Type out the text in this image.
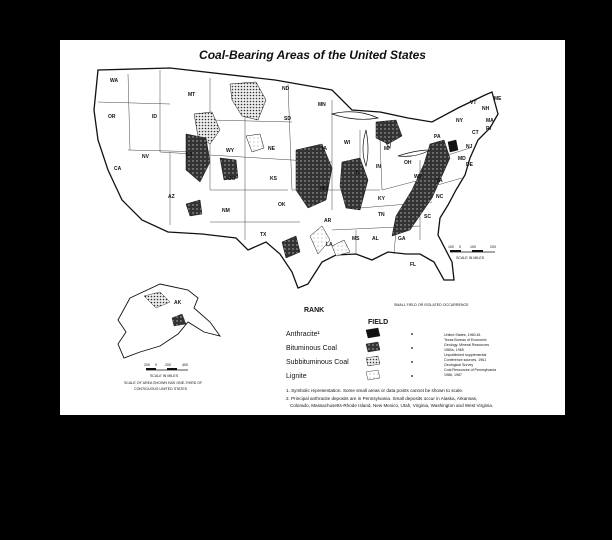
Coal-Bearing Areas of the United States
WA
ID
MT
ND
SD
MN
WI
MI
NE
WY
OR
CA
NV	UT
CO	KS
OK
TX
NM
AZ
MO
IA
IL
IN
OH
PA
NY
KY
TN
AR
MS	AL	GA
SC
NC
VA
WV
FL
LA
MD
DE
NJ
CT
VT
NH
ME
RI
MA
100 0	100	200
SCALE IN MILES
AK
200 0 200	400
SCALE IN MILES
SCALE OF AREA SHOWN HAS ONE-THIRD OF
CONTIGUOUS UNITED STATES
RANK
FIELD
SMALL FIELD OR ISOLATED OCCURRENCE
Anthracite¹
Bituminous Coal
Subbituminous Coal
Lignite
United States, 1960-61
Texas Bureau of Economic
Geology, Mineral Resources
1960s, 1965
Unpublished supplemental
Conference sources, 1961
Geological Survey
Coal Resources of Pennsylvania
1986, 1987
1. Symbolic representation. Some small areas or data points cannot be shown to scale.
2. Principal anthracite deposits are in Pennsylvania. Small deposits occur in Alaska, Arkansas,
Colorado, Massachusetts-Rhode Island, New Mexico, Utah, Virginia, Washington and West Virginia.
